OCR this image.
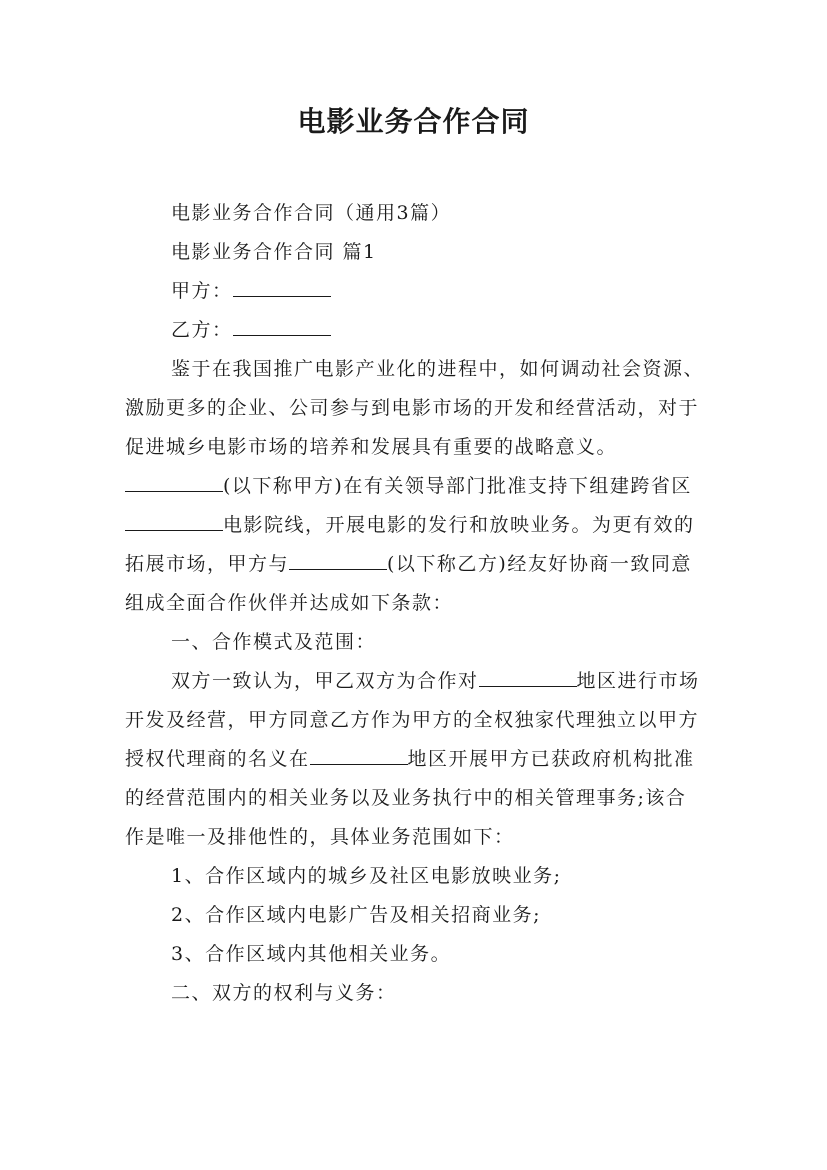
电影业务合作合同

电影业务合作合同（通用3篇）

电影业务合作合同 篇1

甲方：

乙方：

鉴于在我国推广电影产业化的进程中，如何调动社会资源、激励更多的企业、公司参与到电影市场的开发和经营活动，对于促进城乡电影市场的培养和发展具有重要的战略意义。(以下称甲方)在有关领导部门批准支持下组建跨省区电影院线，开展电影的发行和放映业务。为更有效的拓展市场，甲方与	(以下称乙方)经友好协商一致同意组成全面合作伙伴并达成如下条款：

一、合作模式及范围：

双方一致认为，甲乙双方为合作对	地区进行市场开发及经营，甲方同意乙方作为甲方的全权独家代理独立以甲方授权代理商的名义在	地区开展甲方已获政府机构批准的经营范围内的相关业务以及业务执行中的相关管理事务;该合作是唯一及排他性的，具体业务范围如下：

1、合作区域内的城乡及社区电影放映业务;

2、合作区域内电影广告及相关招商业务;

3、合作区域内其他相关业务。

二、双方的权利与义务：
